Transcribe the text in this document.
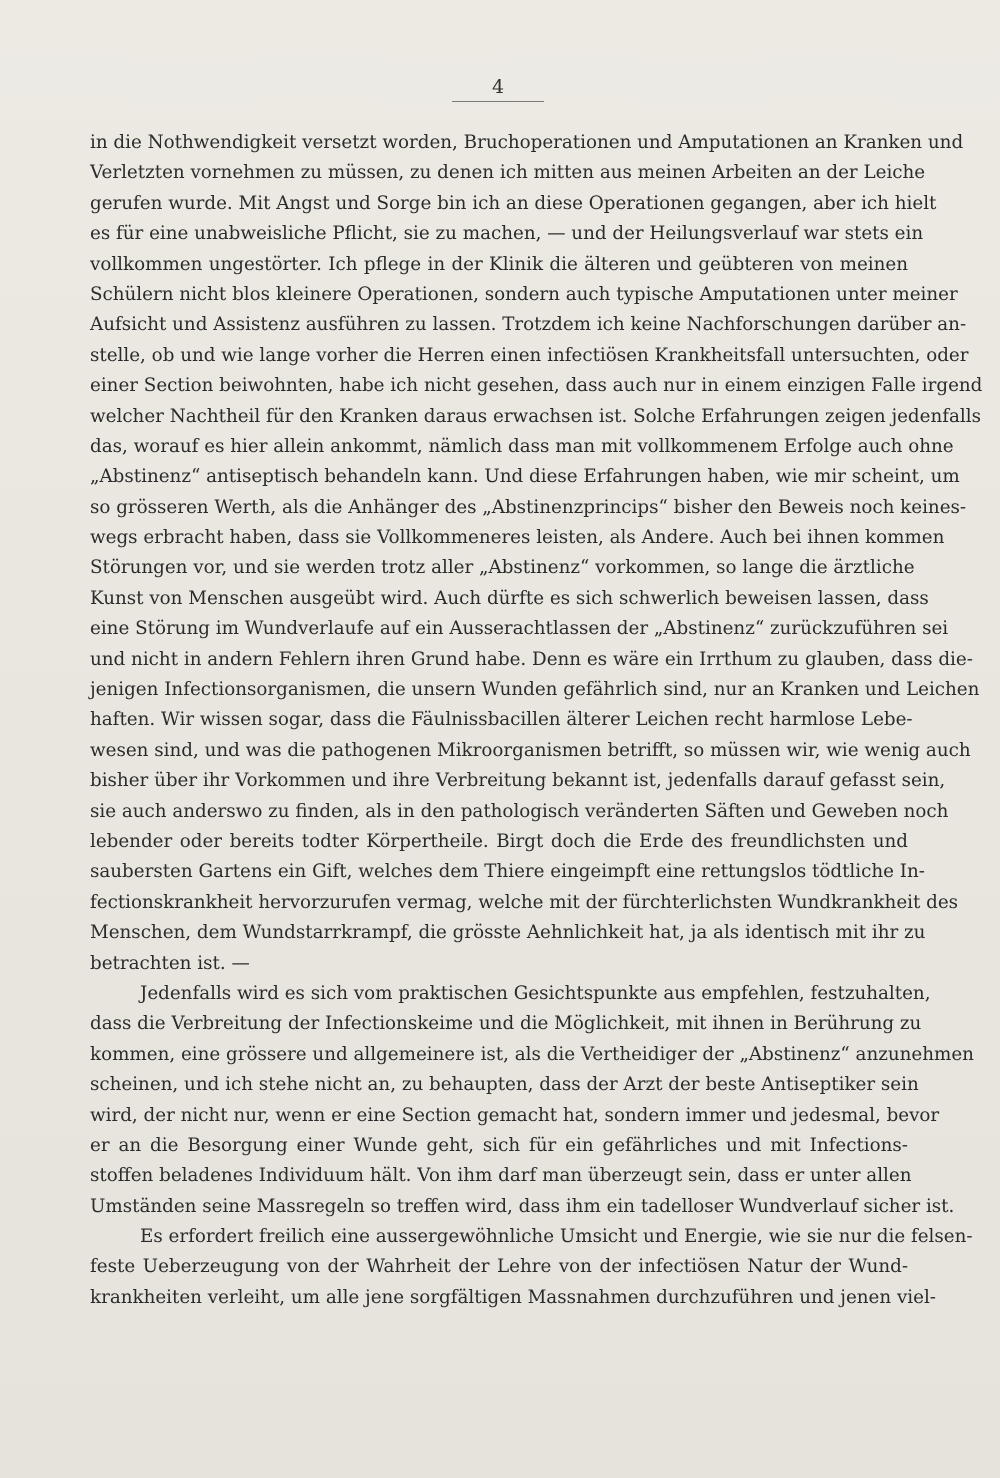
4
in die Nothwendigkeit versetzt worden, Bruchoperationen und Amputationen an Kranken und
Verletzten vornehmen zu müssen, zu denen ich mitten aus meinen Arbeiten an der Leiche
gerufen wurde. Mit Angst und Sorge bin ich an diese Operationen gegangen, aber ich hielt
es für eine unabweisliche Pflicht, sie zu machen, — und der Heilungsverlauf war stets ein
vollkommen ungestörter. Ich pflege in der Klinik die älteren und geübteren von meinen
Schülern nicht blos kleinere Operationen, sondern auch typische Amputationen unter meiner
Aufsicht und Assistenz ausführen zu lassen. Trotzdem ich keine Nachforschungen darüber an-
stelle, ob und wie lange vorher die Herren einen infectiösen Krankheitsfall untersuchten, oder
einer Section beiwohnten, habe ich nicht gesehen, dass auch nur in einem einzigen Falle irgend
welcher Nachtheil für den Kranken daraus erwachsen ist. Solche Erfahrungen zeigen jedenfalls
das, worauf es hier allein ankommt, nämlich dass man mit vollkommenem Erfolge auch ohne
„Abstinenz“ antiseptisch behandeln kann. Und diese Erfahrungen haben, wie mir scheint, um
so grösseren Werth, als die Anhänger des „Abstinenzprincips“ bisher den Beweis noch keines-
wegs erbracht haben, dass sie Vollkommeneres leisten, als Andere. Auch bei ihnen kommen
Störungen vor, und sie werden trotz aller „Abstinenz“ vorkommen, so lange die ärztliche
Kunst von Menschen ausgeübt wird. Auch dürfte es sich schwerlich beweisen lassen, dass
eine Störung im Wundverlaufe auf ein Ausserachtlassen der „Abstinenz“ zurückzuführen sei
und nicht in andern Fehlern ihren Grund habe. Denn es wäre ein Irrthum zu glauben, dass die-
jenigen Infectionsorganismen, die unsern Wunden gefährlich sind, nur an Kranken und Leichen
haften. Wir wissen sogar, dass die Fäulnissbacillen älterer Leichen recht harmlose Lebe-
wesen sind, und was die pathogenen Mikroorganismen betrifft, so müssen wir, wie wenig auch
bisher über ihr Vorkommen und ihre Verbreitung bekannt ist, jedenfalls darauf gefasst sein,
sie auch anderswo zu finden, als in den pathologisch veränderten Säften und Geweben noch
lebender oder bereits todter Körpertheile. Birgt doch die Erde des freundlichsten und
saubersten Gartens ein Gift, welches dem Thiere eingeimpft eine rettungslos tödtliche In-
fectionskrankheit hervorzurufen vermag, welche mit der fürchterlichsten Wundkrankheit des
Menschen, dem Wundstarrkrampf, die grösste Aehnlichkeit hat, ja als identisch mit ihr zu
betrachten ist. —
Jedenfalls wird es sich vom praktischen Gesichtspunkte aus empfehlen, festzuhalten,
dass die Verbreitung der Infectionskeime und die Möglichkeit, mit ihnen in Berührung zu
kommen, eine grössere und allgemeinere ist, als die Vertheidiger der „Abstinenz“ anzunehmen
scheinen, und ich stehe nicht an, zu behaupten, dass der Arzt der beste Antiseptiker sein
wird, der nicht nur, wenn er eine Section gemacht hat, sondern immer und jedesmal, bevor
er an die Besorgung einer Wunde geht, sich für ein gefährliches und mit Infections-
stoffen beladenes Individuum hält. Von ihm darf man überzeugt sein, dass er unter allen
Umständen seine Massregeln so treffen wird, dass ihm ein tadelloser Wundverlauf sicher ist.
Es erfordert freilich eine aussergewöhnliche Umsicht und Energie, wie sie nur die felsen-
feste Ueberzeugung von der Wahrheit der Lehre von der infectiösen Natur der Wund-
krankheiten verleiht, um alle jene sorgfältigen Massnahmen durchzuführen und jenen viel-
